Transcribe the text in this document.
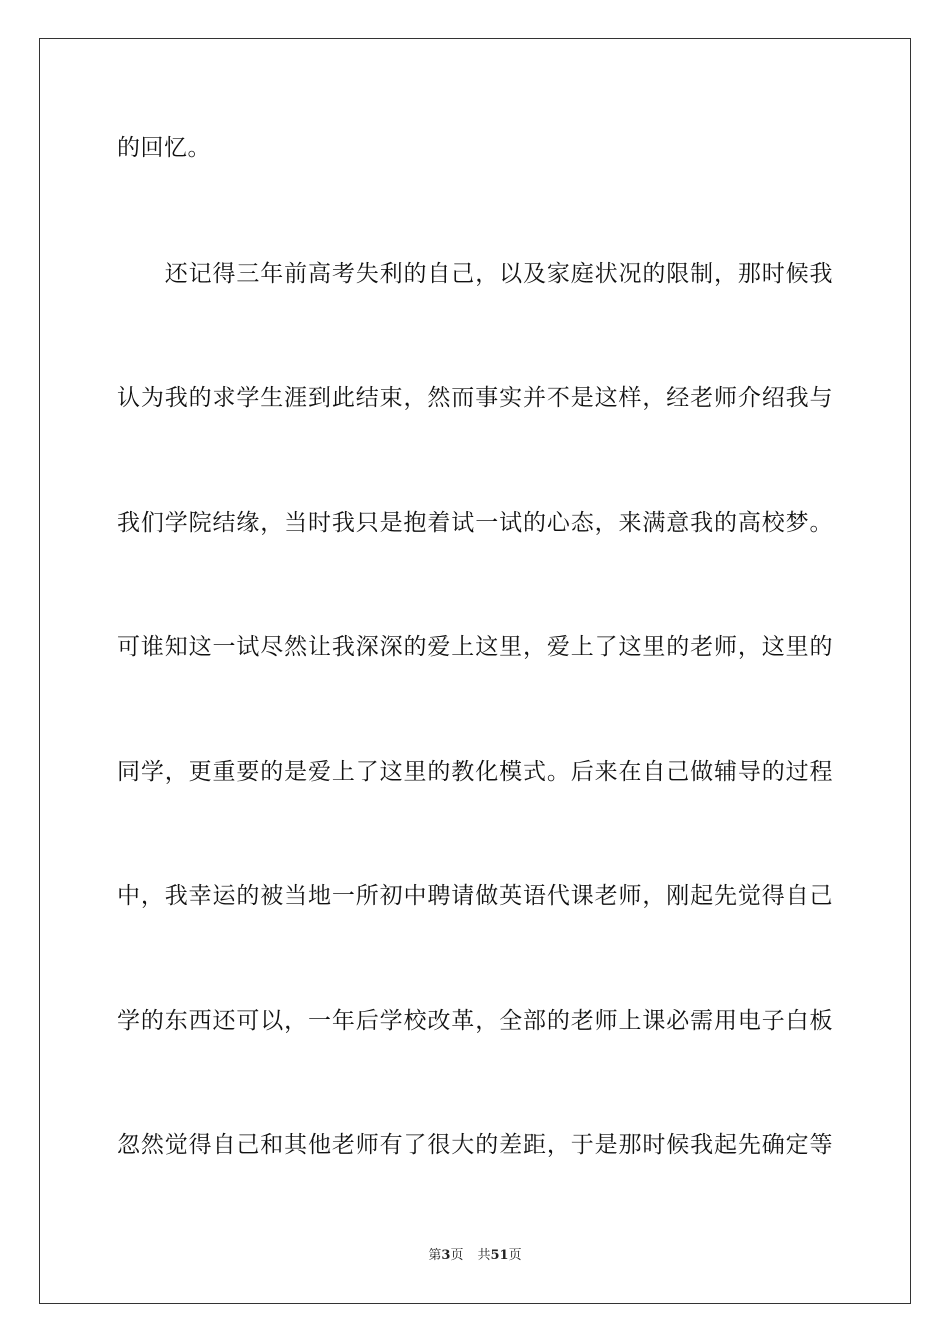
的回忆。
　　还记得三年前高考失利的自己，以及家庭状况的限制，那时候我
认为我的求学生涯到此结束，然而事实并不是这样，经老师介绍我与
我们学院结缘，当时我只是抱着试一试的心态，来满意我的高校梦。
可谁知这一试尽然让我深深的爱上这里，爱上了这里的老师，这里的
同学，更重要的是爱上了这里的教化模式。后来在自己做辅导的过程
中，我幸运的被当地一所初中聘请做英语代课老师，刚起先觉得自己
学的东西还可以，一年后学校改革，全部的老师上课必需用电子白板
忽然觉得自己和其他老师有了很大的差距，于是那时候我起先确定等
第3页 共51页
